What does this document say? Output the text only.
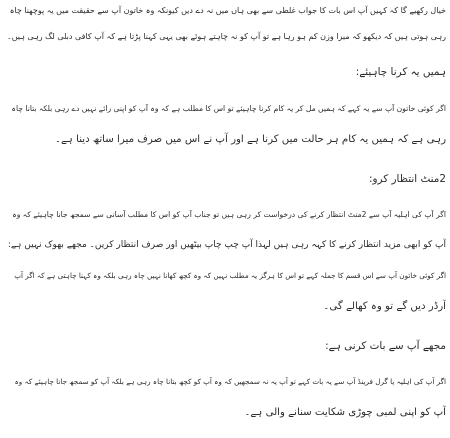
خیال رکھیے گا کہ کہیں آپ اس بات کا جواب غلطی سے بھی ہاں میں نہ دے دیں کیونکہ وہ خاتون آپ سے حقیقت میں یہ پوچھنا چاہ
رہی ہوتی ہیں کہ دیکھو کہ میرا وزن کم ہو رہا ہے تو آپ کو نہ چاہتے ہوئے بھی یہی کہنا پڑتا ہے کہ آپ کافی دبلی لگ رہی ہیں۔
ہمیں یہ کرنا چاہیئے:
اگر کوئی خاتون آپ سے یہ کہے کہ ہمیں مل کر یہ کام کرنا چاہیئے تو اس کا مطلب ہے کہ وہ آپ کو اپنی رائے نہیں دے رہی بلکہ بتانا چاہ
رہی ہے کہ ہمیں یہ کام ہر حالت میں کرنا ہے اور آپ نے اس میں صرف میرا ساتھ دینا ہے۔
2منٹ انتظار کرو:
اگر آپ کی اہلیہ آپ سے 2منٹ انتظار کرنے کی درخواست کر رہی ہیں تو جناب آپ کو اس کا مطلب آسانی سے سمجھ جانا چاہیئے کہ وہ
آپ کو ابھی مزید انتظار کرنے کا کہہ رہی ہیں لہذا آپ چپ چاپ بیٹھیں اور صرف انتظار کریں۔ مجھے بھوک نہیں ہے:
اگر کوئی خاتون آپ سے اس قسم کا جملہ کہے تو اس کا ہرگز یہ مطلب نہیں کہ وہ کچھ کھانا نہیں چاہ رہی بلکہ وہ کہنا چاہتی ہے کہ اگر آپ
آرڈر دیں گے تو وہ کھالے گی۔
مجھے آپ سے بات کرنی ہے:
اگر آپ کی اہلیہ یا گرل فرینڈ آپ سے یہ بات کہے تو آپ یہ نہ سمجھیں کہ وہ آپ کو کچھ بتانا چاہ رہی ہے بلکہ آپ کو سمجھ جانا چاہیئے کہ وہ
آپ کو اپنی لمبی چوڑی شکایت سنانے والی ہے۔
